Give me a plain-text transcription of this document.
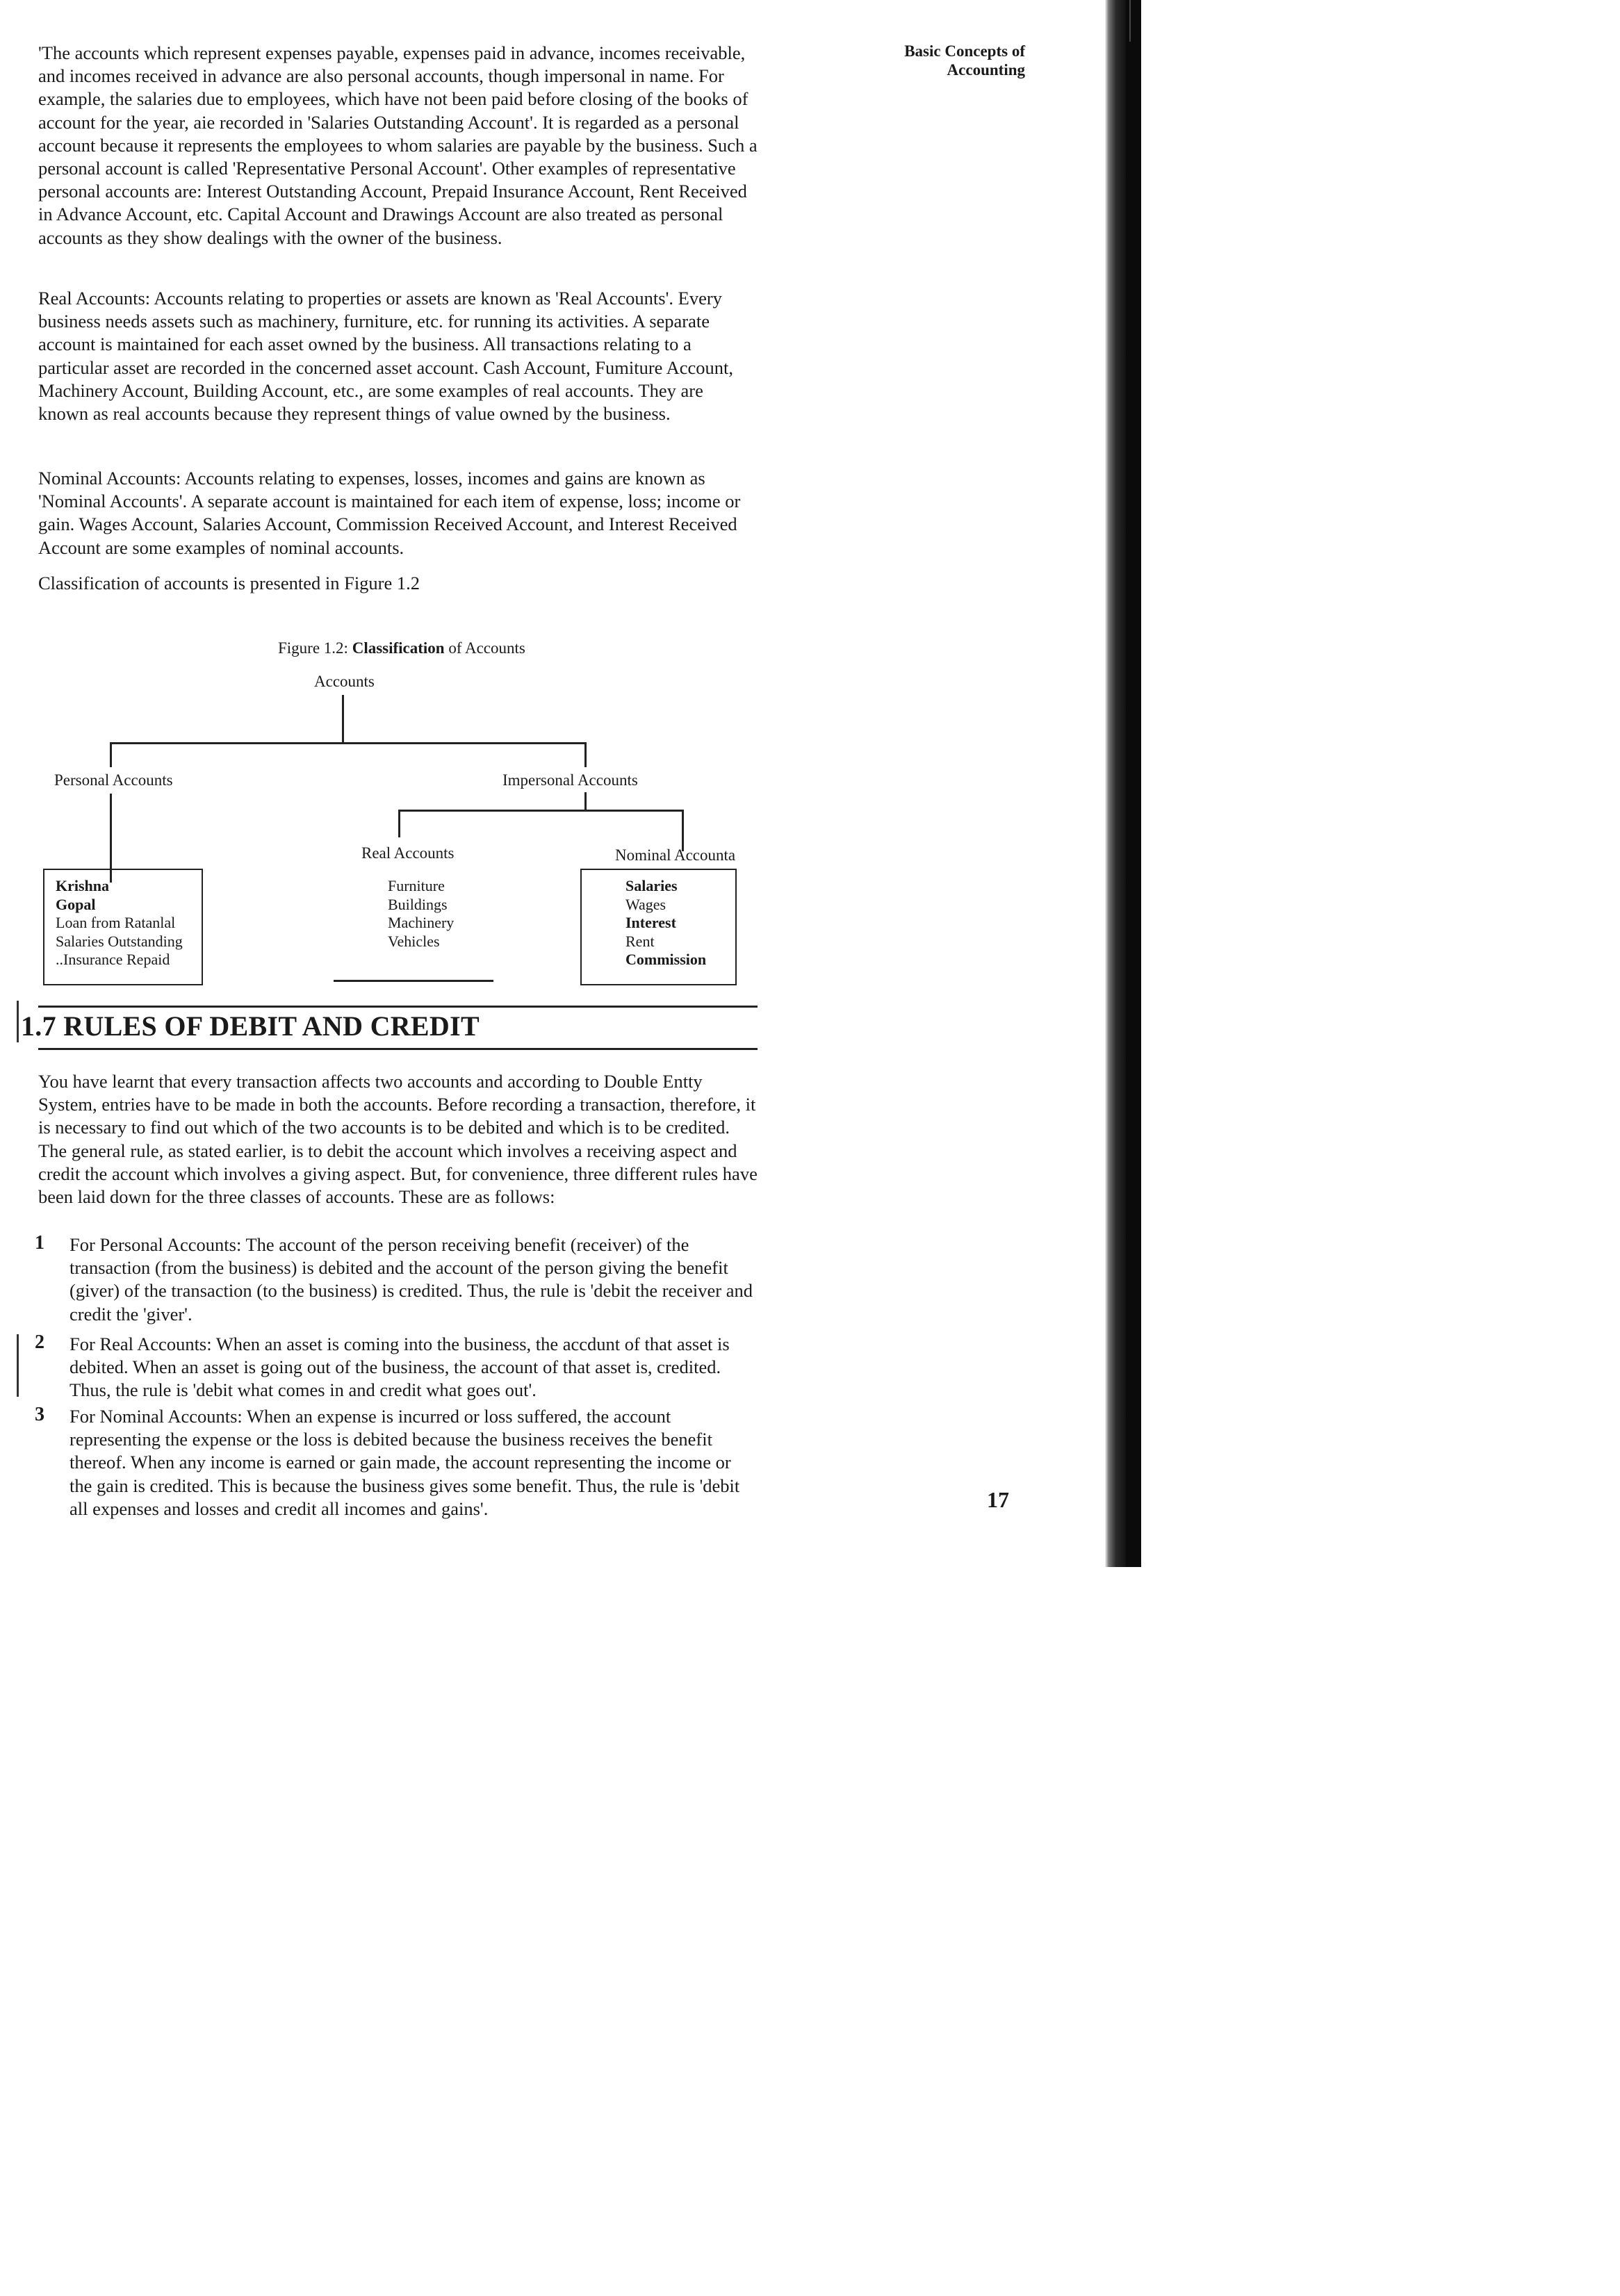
Basic Concepts of
Accounting

'The accounts which represent expenses payable, expenses paid in advance, incomes receivable, and incomes received in advance are also personal accounts, though impersonal in name. For example, the salaries due to employees, which have not been paid before closing of the books of account for the year, aie recorded in 'Salaries Outstanding Account'. It is regarded as a personal account because it represents the employees to whom salaries are payable by the business. Such a personal account is called 'Representative Personal Account'. Other examples of representative personal accounts are: Interest Outstanding Account, Prepaid Insurance Account, Rent Received in Advance Account, etc. Capital Account and Drawings Account are also treated as personal accounts as they show dealings with the owner of the business.

Real Accounts: Accounts relating to properties or assets are known as 'Real Accounts'. Every business needs assets such as machinery, furniture, etc. for running its activities. A separate account is maintained for each asset owned by the business. All transactions relating to a particular asset are recorded in the concerned asset account. Cash Account, Fumiture Account, Machinery Account, Building Account, etc., are some examples of real accounts. They are known as real accounts because they represent things of value owned by the business.

Nominal Accounts: Accounts relating to expenses, losses, incomes and gains are known as 'Nominal Accounts'. A separate account is maintained for each item of expense, loss; income or gain. Wages Account, Salaries Account, Commission Received Account, and Interest Received Account are some examples of nominal accounts.

Classification of accounts is presented in Figure 1.2

Figure 1.2: Classification of Accounts
Accounts
Personal Accounts	Impersonal Accounts
Real Accounts	Nominal Accounta
Krishna
Gopal
Loan from Ratanlal
Salaries Outstanding
..Insurance Repaid
Furniture
Buildings
Machinery
Vehicles
Salaries
Wages
Interest
Rent
Commission
1.7 RULES OF DEBIT AND CREDIT

You have learnt that every transaction affects two accounts and according to Double Entty System, entries have to be made in both the accounts. Before recording a transaction, therefore, it is necessary to find out which of the two accounts is to be debited and which is to be credited. The general rule, as stated earlier, is to debit the account which involves a receiving aspect and credit the account which involves a giving aspect. But, for convenience, three different rules have been laid down for the three classes of accounts. These are as follows:

1 For Personal Accounts: The account of the person receiving benefit (receiver) of the transaction (from the business) is debited and the account of the person giving the benefit (giver) of the transaction (to the business) is credited. Thus, the rule is 'debit the receiver and credit the 'giver'.

2 For Real Accounts: When an asset is coming into the business, the accdunt of that asset is debited. When an asset is going out of the business, the account of that asset is, credited. Thus, the rule is 'debit what comes in and credit what goes out'.

3 For Nominal Accounts: When an expense is incurred or loss suffered, the account representing the expense or the loss is debited because the business receives the benefit thereof. When any income is earned or gain made, the account representing the income or the gain is credited. This is because the business gives some benefit. Thus, the rule is 'debit all expenses and losses and credit all incomes and gains'.	17
